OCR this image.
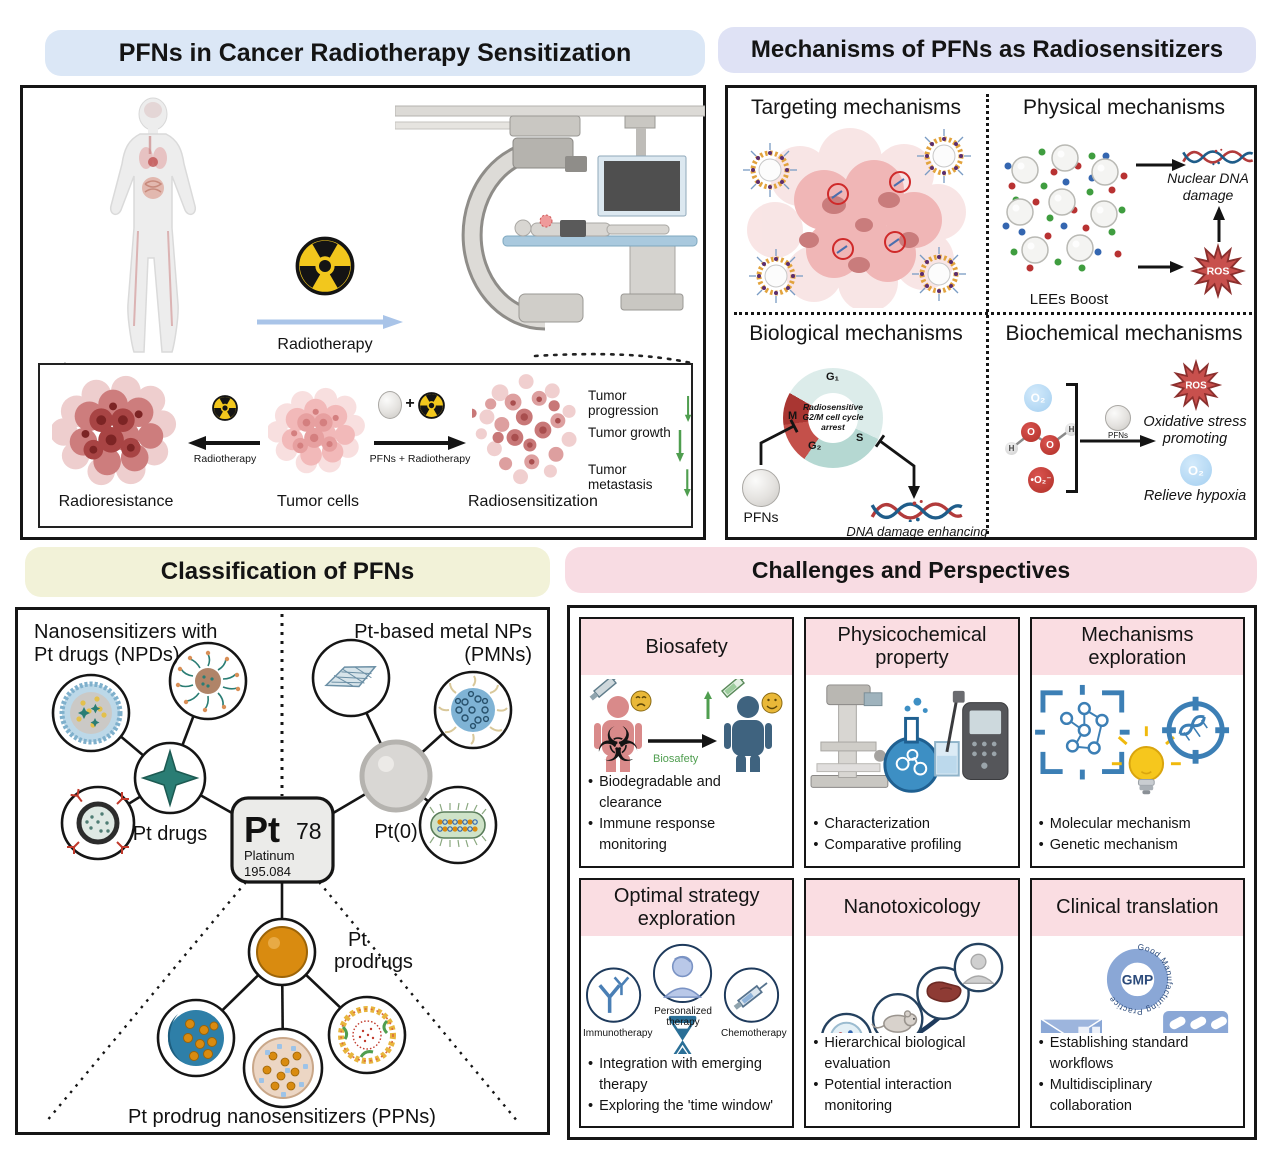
PFNs in Cancer Radiotherapy Sensitization
Radiotherapy
Radioresistance
Radiotherapy
Tumor cells
+
PFNs + Radiotherapy
Radiosensitization
Tumor progression
Tumor growth
Tumor metastasis
Mechanisms of PFNs as Radiosensitizers
Targeting mechanisms	Physical mechanisms
LEEs Boost
Nuclear DNA damage
ROS
Biological mechanisms
Radiosensitive G2/M cell cycle arrest
G₁
S
G₂
M
PFNs
DNA damage enhancing
Biochemical mechanisms
O₂
O
O
H
H
•O₂⁻
PFNs
ROS
Oxidative stress promoting
O₂
Relieve hypoxia
Classification of PFNs
Pt 78
Platinum
195.084
Nanosensitizers with
Pt drugs (NPDs)
Pt-based metal NPs
(PMNs)
Pt drugs	Pt(0)
Pt
prodrugs
Pt prodrug nanosensitizers (PPNs)
Challenges and Perspectives
Biosafety
☣ Biosafety
• Biodegradable and clearance
• Immune response monitoring
Physicochemical property
• Characterization
• Comparative profiling
Mechanisms exploration
• Molecular mechanism
• Genetic mechanism
Optimal strategy exploration
Immunotherapy
Personalized therapy
Chemotherapy
• Integration with emerging therapy
• Exploring the 'time window'
Nanotoxicology
• Hierarchical biological evaluation
• Potential interaction monitoring
Clinical translation
Good Manufacturing Practice
GMP
• Establishing standard workflows
• Multidisciplinary collaboration
